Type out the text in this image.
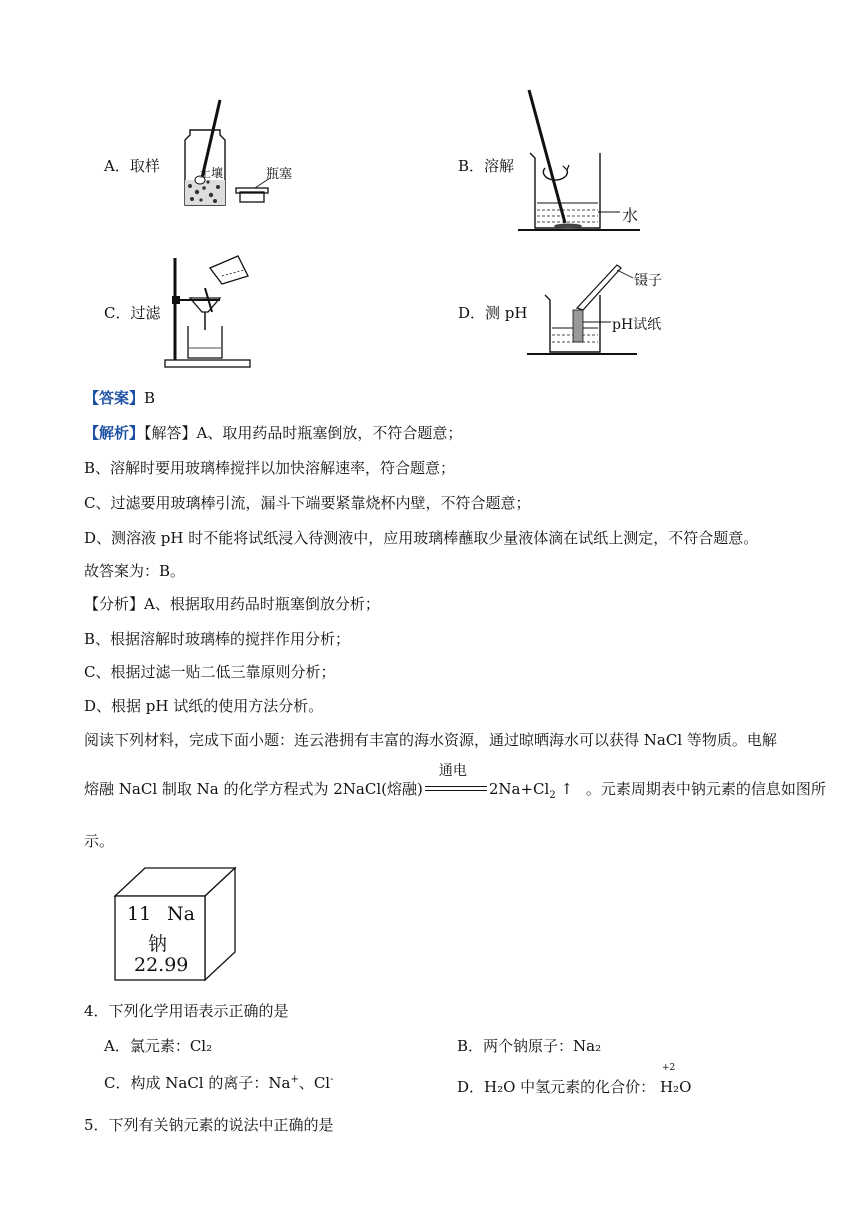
A．取样	土壤	瓶塞	B．溶解
水
C．过滤	D．测 pH
镊子
pH试纸
【答案】B
【解析】【解答】A、取用药品时瓶塞倒放，不符合题意；
B、溶解时要用玻璃棒搅拌以加快溶解速率，符合题意；
C、过滤要用玻璃棒引流，漏斗下端要紧靠烧杯内壁，不符合题意；
D、测溶液 pH 时不能将试纸浸入待测液中，应用玻璃棒蘸取少量液体滴在试纸上测定，不符合题意。
故答案为：B。
【分析】A、根据取用药品时瓶塞倒放分析；
B、根据溶解时玻璃棒的搅拌作用分析；
C、根据过滤一贴二低三靠原则分析；
D、根据 pH 试纸的使用方法分析。
阅读下列材料，完成下面小题：连云港拥有丰富的海水资源，通过晾晒海水可以获得 NaCl 等物质。电解
熔融 NaCl 制取 Na 的化学方程式为 2NaCl(熔融)
通电
$2Na+Cl_2$ ↑ 。元素周期表中钠元素的信息如图所
示。
11 Na
钠
22.99
4．下列化学用语表示正确的是
A．氯元素：Cl₂	B．两个钠原子：Na₂
C．构成 NaCl 的离子：Na+、Cl-	D．H₂O 中氢元素的化合价：
+2
H₂O
5．下列有关钠元素的说法中正确的是
